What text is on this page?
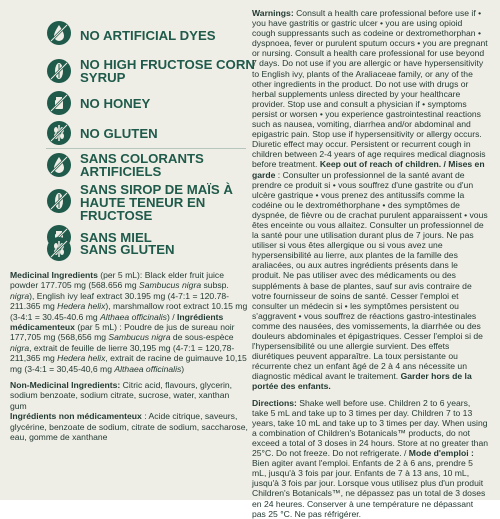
NO ARTIFICIAL DYES
NO HIGH FRUCTOSE CORN SYRUP
NO HONEY
NO GLUTEN
SANS COLORANTS ARTIFICIELS
SANS SIROP DE MAÏS À HAUTE TENEUR EN FRUCTOSE
SANS MIEL
SANS GLUTEN

Medicinal Ingredients (per 5 mL): Black elder fruit juice powder 177.705 mg (568.656 mg Sambucus nigra subsp. nigra), English ivy leaf extract 30.195 mg (4-7:1 = 120.78-211.365 mg Hedera helix), marshmallow root extract 10.15 mg (3-4:1 = 30.45-40.6 mg Althaea officinalis) / Ingrédients médicamenteux (par 5 mL) : Poudre de jus de sureau noir 177,705 mg (568,656 mg Sambucus nigra de sous-espèce nigra, extrait de feuille de lierre 30,195 mg (4-7:1 = 120,78-211,365 mg Hedera helix, extrait de racine de guimauve 10,15 mg (3-4:1 = 30,45-40,6 mg Althaea officinalis)

Non-Medicinal Ingredients: Citric acid, flavours, glycerin, sodium benzoate, sodium citrate, sucrose, water, xanthan gum
Ingrédients non médicamenteux : Acide citrique, saveurs, glycérine, benzoate de sodium, citrate de sodium, saccharose, eau, gomme de xanthane

Warnings: Consult a health care professional before use if • you have gastritis or gastric ulcer • you are using opioid cough suppressants such as codeine or dextromethorphan • dyspnoea, fever or purulent sputum occurs • you are pregnant or nursing. Consult a health care professional for use beyond 7 days. Do not use if you are allergic or have hypersensitivity to English ivy, plants of the Araliaceae family, or any of the other ingredients in the product. Do not use with drugs or herbal supplements unless directed by your healthcare provider. Stop use and consult a physician if • symptoms persist or worsen • you experience gastrointestinal reactions such as nausea, vomiting, diarrhea and/or abdominal and epigastric pain. Stop use if hypersensitivity or allergy occurs. Diuretic effect may occur. Persistent or recurrent cough in children between 2-4 years of age requires medical diagnosis before treatment. Keep out of reach of children. / Mises en garde : Consulter un professionnel de la santé avant de prendre ce produit si • vous souffrez d'une gastrite ou d'un ulcère gastrique • vous prenez des antitussifs comme la codéine ou le dextrométhorphane • des symptômes de dyspnée, de fièvre ou de crachat purulent apparaissent • vous êtes enceinte ou vous allaitez. Consulter un professionnel de la santé pour une utilisation durant plus de 7 jours. Ne pas utiliser si vous êtes allergique ou si vous avez une hypersensibilité au lierre, aux plantes de la famille des araliacées, ou aux autres ingrédients présents dans le produit. Ne pas utiliser avec des médicaments ou des suppléments à base de plantes, sauf sur avis contraire de votre fournisseur de soins de santé. Cesser l'emploi et consulter un médecin si • les symptômes persistent ou s'aggravent • vous souffrez de réactions gastro-intestinales comme des nausées, des vomissements, la diarrhée ou des douleurs abdominales et épigastriques. Cesser l'emploi si de l'hypersensibilité ou une allergie survient. Des effets diurétiques peuvent apparaître. La toux persistante ou récurrente chez un enfant âgé de 2 à 4 ans nécessite un diagnostic médical avant le traitement. Garder hors de la portée des enfants.

Directions: Shake well before use. Children 2 to 6 years, take 5 mL and take up to 3 times per day. Children 7 to 13 years, take 10 mL and take up to 3 times per day. When using a combination of Children's Botanicals™ products, do not exceed a total of 3 doses in 24 hours. Store at no greater than 25°C. Do not freeze. Do not refrigerate. / Mode d'emploi : Bien agiter avant l'emploi. Enfants de 2 à 6 ans, prendre 5 mL, jusqu'à 3 fois par jour. Enfants de 7 à 13 ans, 10 mL, jusqu'à 3 fois par jour. Lorsque vous utilisez plus d'un produit Children's Botanicals™, ne dépassez pas un total de 3 doses en 24 heures. Conserver à une température ne dépassant pas 25 °C. Ne pas réfrigérer.
